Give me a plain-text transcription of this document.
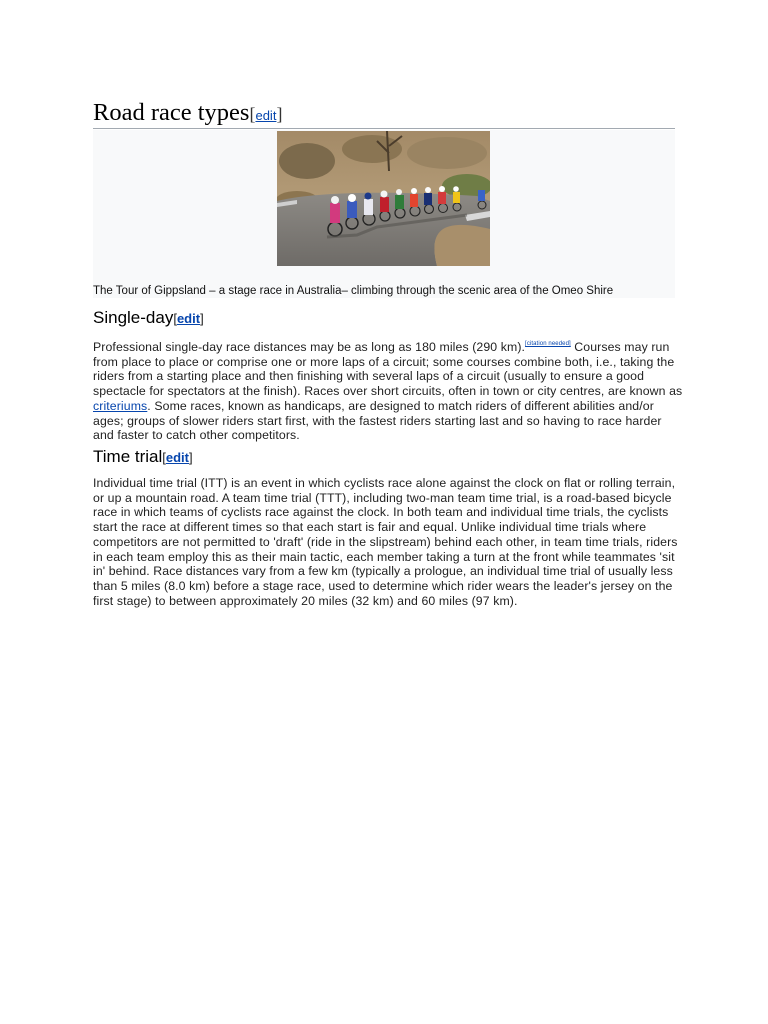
Road race types[edit]
The Tour of Gippsland – a stage race in Australia– climbing through the scenic area of the Omeo Shire
Single-day[edit]
Professional single-day race distances may be as long as 180 miles (290 km).[citation needed] Courses may run from place to place or comprise one or more laps of a circuit; some courses combine both, i.e., taking the riders from a starting place and then finishing with several laps of a circuit (usually to ensure a good spectacle for spectators at the finish). Races over short circuits, often in town or city centres, are known as criteriums. Some races, known as handicaps, are designed to match riders of different abilities and/or ages; groups of slower riders start first, with the fastest riders starting last and so having to race harder and faster to catch other competitors.
Time trial[edit]
Individual time trial (ITT) is an event in which cyclists race alone against the clock on flat or rolling terrain, or up a mountain road. A team time trial (TTT), including two-man team time trial, is a road-based bicycle race in which teams of cyclists race against the clock. In both team and individual time trials, the cyclists start the race at different times so that each start is fair and equal. Unlike individual time trials where competitors are not permitted to 'draft' (ride in the slipstream) behind each other, in team time trials, riders in each team employ this as their main tactic, each member taking a turn at the front while teammates 'sit in' behind. Race distances vary from a few km (typically a prologue, an individual time trial of usually less than 5 miles (8.0 km) before a stage race, used to determine which rider wears the leader's jersey on the first stage) to between approximately 20 miles (32 km) and 60 miles (97 km).
